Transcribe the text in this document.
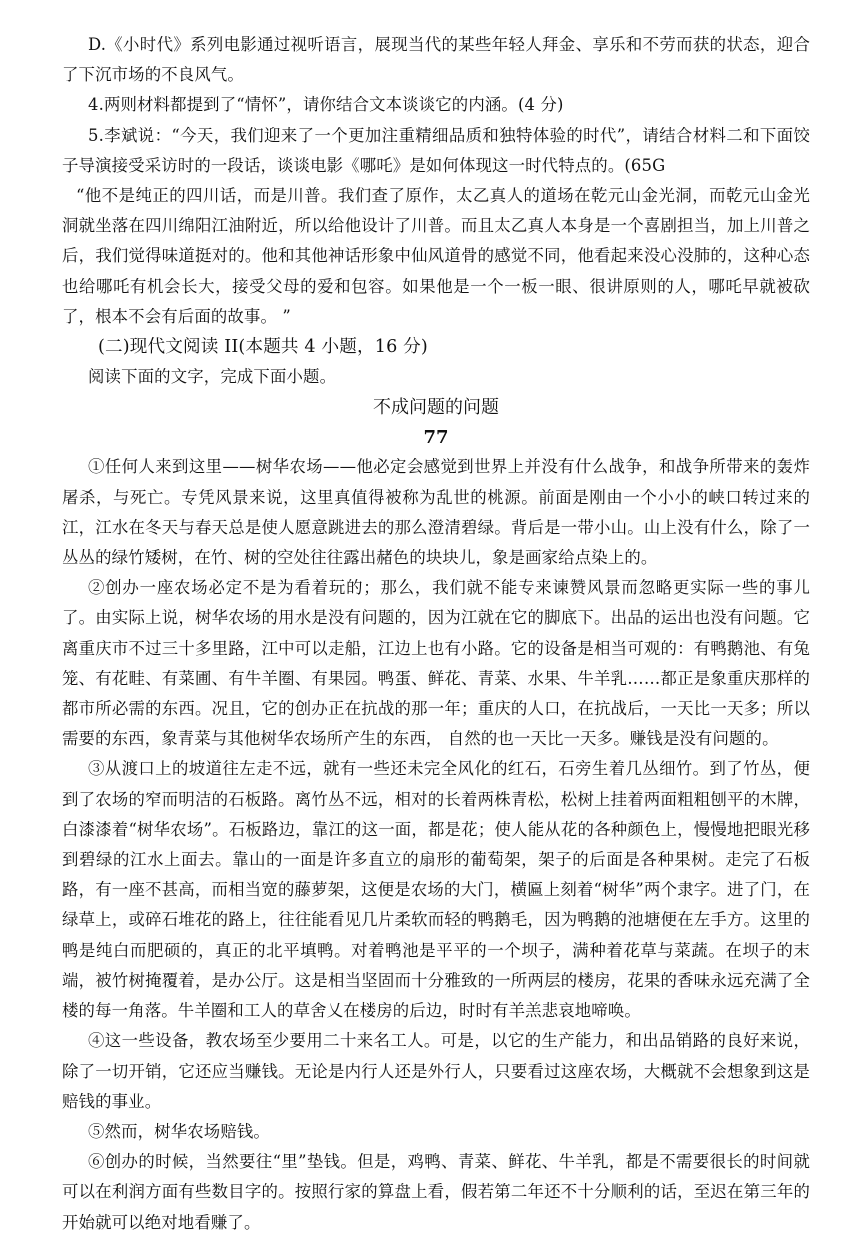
D.《小时代》系列电影通过视听语言，展现当代的某些年轻人拜金、享乐和不劳而获的状态，迎合了下沉市场的不良风气。

4.两则材料都提到了“情怀”，请你结合文本谈谈它的内涵。(4 分)

5.李斌说：“今天，我们迎来了一个更加注重精细品质和独特体验的时代”，请结合材料二和下面饺子导演接受采访时的一段话，谈谈电影《哪吒》是如何体现这一时代特点的。(65G

“他不是纯正的四川话，而是川普。我们查了原作，太乙真人的道场在乾元山金光洞，而乾元山金光洞就坐落在四川绵阳江油附近，所以给他设计了川普。而且太乙真人本身是一个喜剧担当，加上川普之后，我们觉得味道挺对的。他和其他神话形象中仙风道骨的感觉不同，他看起来没心没肺的，这种心态也给哪吒有机会长大，接受父母的爱和包容。如果他是一个一板一眼、很讲原则的人，哪吒早就被砍了，根本不会有后面的故事。 ”

(二)现代文阅读 II(本题共 4 小题，16 分)

阅读下面的文字，完成下面小题。

不成问题的问题
77

①任何人来到这里——树华农场——他必定会感觉到世界上并没有什么战争，和战争所带来的轰炸屠杀，与死亡。专凭风景来说，这里真值得被称为乱世的桃源。前面是刚由一个小小的峡口转过来的江，江水在冬天与春天总是使人愿意跳进去的那么澄清碧绿。背后是一带小山。山上没有什么，除了一丛丛的绿竹矮树，在竹、树的空处往往露出赭色的块块儿，象是画家给点染上的。

②创办一座农场必定不是为看着玩的；那么，我们就不能专来谏赞风景而忽略更实际一些的事儿了。由实际上说，树华农场的用水是没有问题的，因为江就在它的脚底下。出品的运出也没有问题。它离重庆市不过三十多里路，江中可以走船，江边上也有小路。它的设备是相当可观的：有鸭鹅池、有兔笼、有花畦、有菜圃、有牛羊圈、有果园。鸭蛋、鲜花、青菜、水果、牛羊乳……都正是象重庆那样的都市所必需的东西。况且，它的创办正在抗战的那一年；重庆的人口，在抗战后，一天比一天多；所以需要的东西，象青菜与其他树华农场所产生的东西， 自然的也一天比一天多。赚钱是没有问题的。

③从渡口上的坡道往左走不远，就有一些还未完全风化的红石，石旁生着几丛细竹。到了竹丛，便到了农场的窄而明洁的石板路。离竹丛不远，相对的长着两株青松，松树上挂着两面粗粗刨平的木牌，白漆漆着“树华农场”。石板路边，靠江的这一面，都是花；使人能从花的各种颜色上，慢慢地把眼光移到碧绿的江水上面去。靠山的一面是许多直立的扇形的葡萄架，架子的后面是各种果树。走完了石板路，有一座不甚高，而相当宽的藤萝架，这便是农场的大门，横匾上刻着“树华”两个隶字。进了门，在绿草上，或碎石堆花的路上，往往能看见几片柔软而轻的鸭鹅毛，因为鸭鹅的池塘便在左手方。这里的鸭是纯白而肥硕的，真正的北平填鸭。对着鸭池是平平的一个坝子，满种着花草与菜蔬。在坝子的末端，被竹树掩覆着，是办公厅。这是相当坚固而十分雅致的一所两层的楼房，花果的香味永远充满了全楼的每一角落。牛羊圈和工人的草舍乂在楼房的后边，时时有羊羔悲哀地啼唤。

④这一些设备，教农场至少要用二十来名工人。可是，以它的生产能力，和出品销路的良好来说，除了一切开销，它还应当赚钱。无论是内行人还是外行人，只要看过这座农场，大概就不会想象到这是赔钱的事业。

⑤然而，树华农场赔钱。

⑥创办的时候，当然要往“里”垫钱。但是，鸡鸭、青菜、鲜花、牛羊乳，都是不需要很长的时间就可以在利润方面有些数目字的。按照行家的算盘上看，假若第二年还不十分顺利的话，至迟在第三年的开始就可以绝对地看赚了。
